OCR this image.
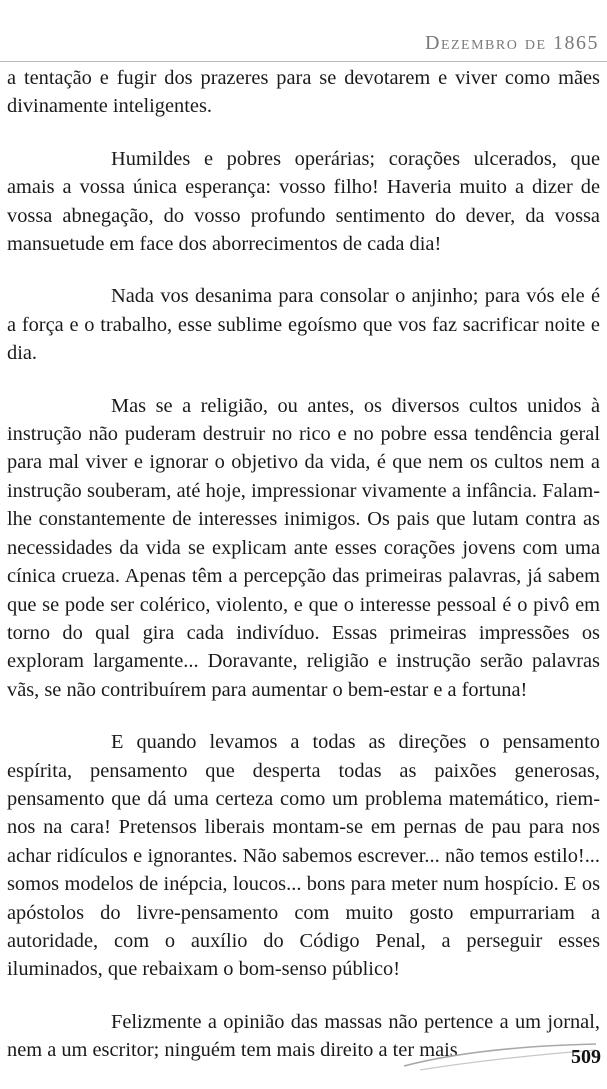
Dezembro de 1865

a tentação e fugir dos prazeres para se devotarem e viver como mães divinamente inteligentes.

Humildes e pobres operárias; corações ulcerados, que amais a vossa única esperança: vosso filho! Haveria muito a dizer de vossa abnegação, do vosso profundo sentimento do dever, da vossa mansuetude em face dos aborrecimentos de cada dia!

Nada vos desanima para consolar o anjinho; para vós ele é a força e o trabalho, esse sublime egoísmo que vos faz sacrificar noite e dia.

Mas se a religião, ou antes, os diversos cultos unidos à instrução não puderam destruir no rico e no pobre essa tendência geral para mal viver e ignorar o objetivo da vida, é que nem os cultos nem a instrução souberam, até hoje, impressionar vivamente a infância. Falam-lhe constantemente de interesses inimigos. Os pais que lutam contra as necessidades da vida se explicam ante esses corações jovens com uma cínica crueza. Apenas têm a percepção das primeiras palavras, já sabem que se pode ser colérico, violento, e que o interesse pessoal é o pivô em torno do qual gira cada indivíduo. Essas primeiras impressões os exploram largamente... Doravante, religião e instrução serão palavras vãs, se não contribuírem para aumentar o bem-estar e a fortuna!

E quando levamos a todas as direções o pensamento espírita, pensamento que desperta todas as paixões generosas, pensamento que dá uma certeza como um problema matemático, riem-nos na cara! Pretensos liberais montam-se em pernas de pau para nos achar ridículos e ignorantes. Não sabemos escrever... não temos estilo!... somos modelos de inépcia, loucos... bons para meter num hospício. E os apóstolos do livre-pensamento com muito gosto empurrariam a autoridade, com o auxílio do Código Penal, a perseguir esses iluminados, que rebaixam o bom-senso público!

Felizmente a opinião das massas não pertence a um jornal, nem a um escritor; ninguém tem mais direito a ter mais	509
